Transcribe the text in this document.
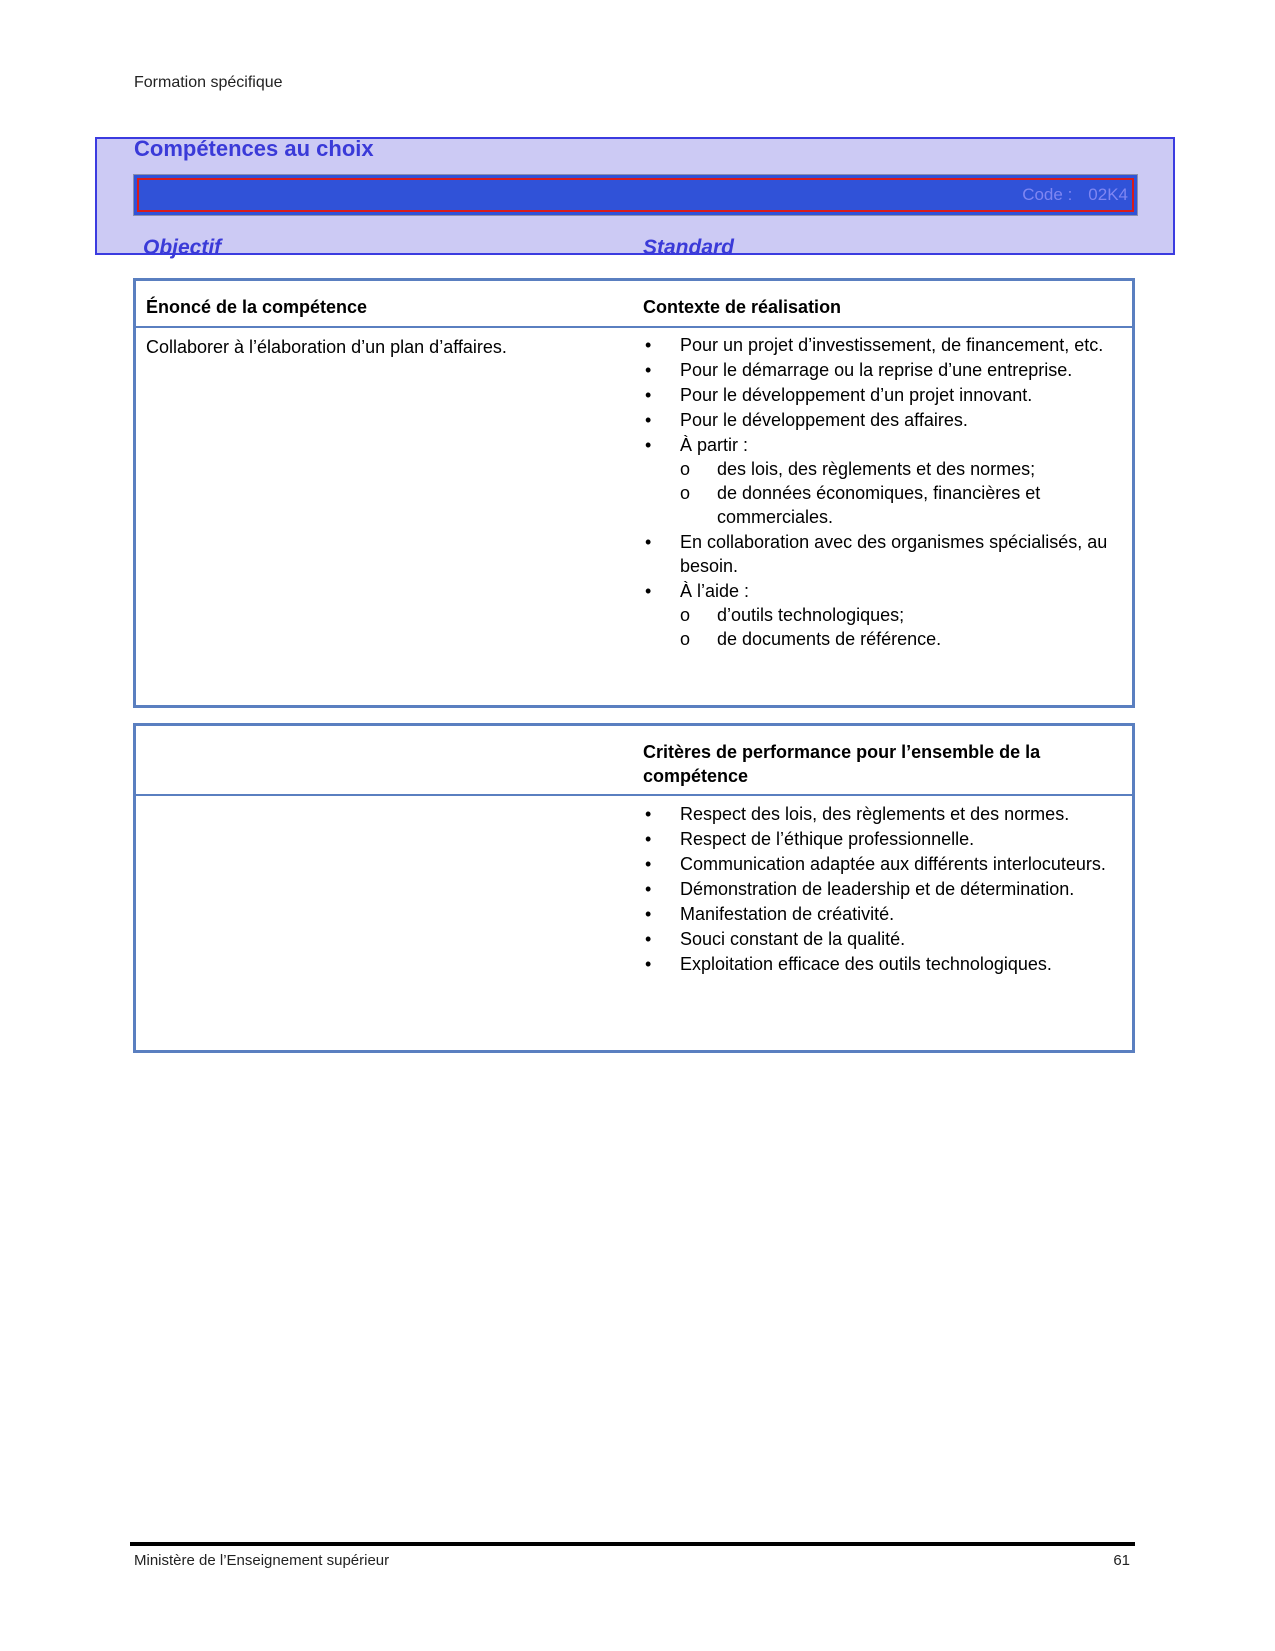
Formation spécifique
Compétences au choix
Code : 02K4
Objectif	Standard
Énoncé de la compétence	Contexte de réalisation
Collaborer à l’élaboration d’un plan d’affaires.	• Pour un projet d’investissement, de financement, etc.
• Pour le démarrage ou la reprise d’une entreprise.
• Pour le développement d’un projet innovant.
• Pour le développement des affaires.
• À partir :
o des lois, des règlements et des normes;
o de données économiques, financières et commerciales.
• En collaboration avec des organismes spécialisés, au besoin.
• À l’aide :
o d’outils technologiques;
o de documents de référence.
Critères de performance pour l’ensemble de la compétence
• Respect des lois, des règlements et des normes.
• Respect de l’éthique professionnelle.
• Communication adaptée aux différents interlocuteurs.
• Démonstration de leadership et de détermination.
• Manifestation de créativité.
• Souci constant de la qualité.
• Exploitation efficace des outils technologiques.
Ministère de l’Enseignement supérieur	61
